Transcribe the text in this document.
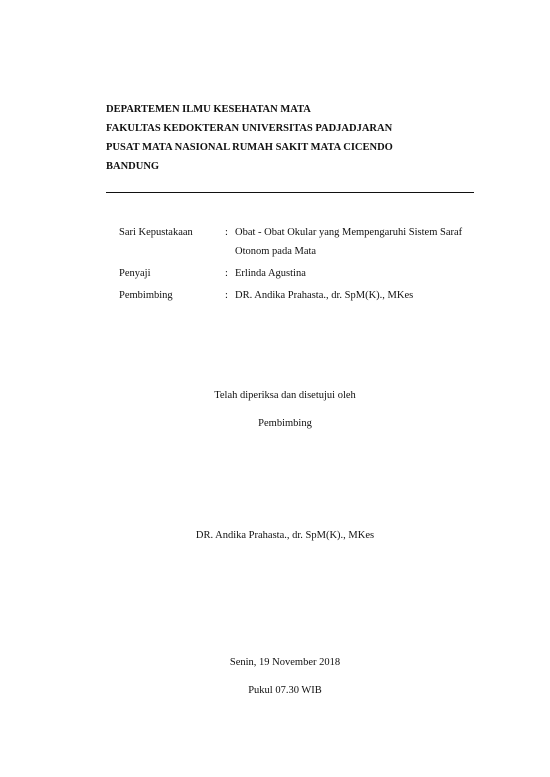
DEPARTEMEN ILMU KESEHATAN MATA
FAKULTAS KEDOKTERAN UNIVERSITAS PADJADJARAN
PUSAT MATA NASIONAL RUMAH SAKIT MATA CICENDO
BANDUNG
Sari Kepustakaan	: Obat - Obat Okular yang Mempengaruhi Sistem Saraf Otonom pada Mata
Penyaji	: Erlinda Agustina
Pembimbing	: DR. Andika Prahasta., dr. SpM(K)., MKes
Telah diperiksa dan disetujui oleh
Pembimbing
DR. Andika Prahasta., dr. SpM(K)., MKes
Senin, 19 November 2018
Pukul 07.30 WIB
